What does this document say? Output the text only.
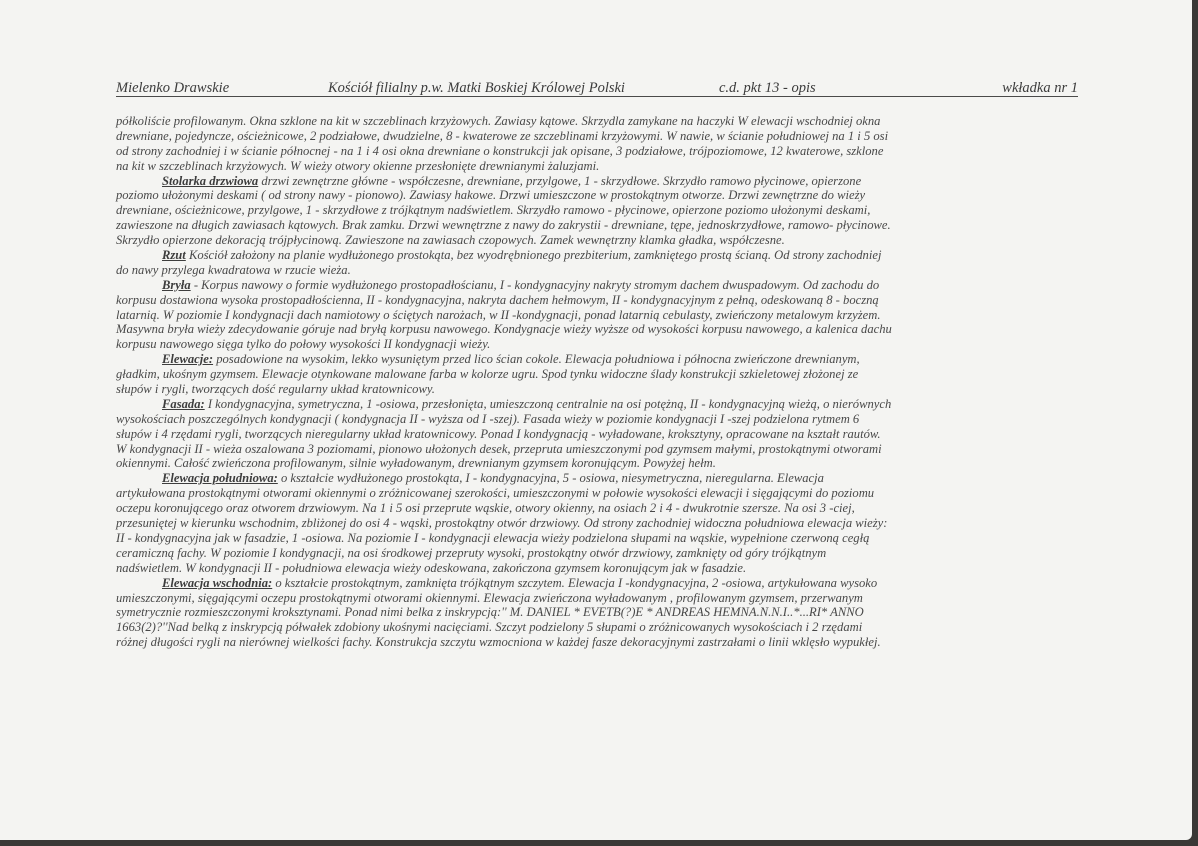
Mielenko Drawskie	Kościół filialny p.w. Matki Boskiej Królowej Polski	c.d. pkt 13 - opis	wkładka nr 1
półkoliście profilowanym. Okna szklone na kit w szczeblinach krzyżowych. Zawiasy kątowe. Skrzydla zamykane na haczyki W elewacji wschodniej okna
drewniane, pojedyncze, ościeżnicowe, 2 podziałowe, dwudzielne, 8 - kwaterowe ze szczeblinami krzyżowymi. W nawie, w ścianie południowej na 1 i 5 osi
od strony zachodniej i w ścianie północnej - na 1 i 4 osi okna drewniane o konstrukcji jak opisane, 3 podziałowe, trójpoziomowe, 12 kwaterowe, szklone
na kit w szczeblinach krzyżowych. W wieży otwory okienne przesłonięte drewnianymi żaluzjami.
Stolarka drzwiowa drzwi zewnętrzne główne - współczesne, drewniane, przylgowe, 1 - skrzydłowe. Skrzydło ramowo płycinowe, opierzone
poziomo ułożonymi deskami ( od strony nawy - pionowo). Zawiasy hakowe. Drzwi umieszczone w prostokątnym otworze. Drzwi zewnętrzne do wieży
drewniane, ościeżnicowe, przylgowe, 1 - skrzydłowe z trójkątnym nadświetlem. Skrzydło ramowo - płycinowe, opierzone poziomo ułożonymi deskami,
zawieszone na długich zawiasach kątowych. Brak zamku. Drzwi wewnętrzne z nawy do zakrystii - drewniane, tępe, jednoskrzydłowe, ramowo- płycinowe.
Skrzydło opierzone dekoracją trójpłycinową. Zawieszone na zawiasach czopowych. Zamek wewnętrzny klamka gładka, współczesne.
Rzut Kościół założony na planie wydłużonego prostokąta, bez wyodrębnionego prezbiterium, zamkniętego prostą ścianą. Od strony zachodniej
do nawy przylega kwadratowa w rzucie wieża.
Bryła - Korpus nawowy o formie wydłużonego prostopadłościanu, I - kondygnacyjny nakryty stromym dachem dwuspadowym. Od zachodu do
korpusu dostawiona wysoka prostopadłościenna, II - kondygnacyjna, nakryta dachem hełmowym, II - kondygnacyjnym z pełną, odeskowaną 8 - boczną
latarnią. W poziomie I kondygnacji dach namiotowy o ściętych narożach, w II -kondygnacji, ponad latarnią cebulasty, zwieńczony metalowym krzyżem.
Masywna bryła wieży zdecydowanie góruje nad bryłą korpusu nawowego. Kondygnacje wieży wyższe od wysokości korpusu nawowego, a kalenica dachu
korpusu nawowego sięga tylko do połowy wysokości II kondygnacji wieży.
Elewacje: posadowione na wysokim, lekko wysuniętym przed lico ścian cokole. Elewacja południowa i północna zwieńczone drewnianym,
gładkim, ukośnym gzymsem. Elewacje otynkowane malowane farba w kolorze ugru. Spod tynku widoczne ślady konstrukcji szkieletowej złożonej ze
słupów i rygli, tworzących dość regularny układ kratownicowy.
Fasada: I kondygnacyjna, symetryczna, 1 -osiowa, przesłonięta, umieszczoną centralnie na osi potężną, II - kondygnacyjną wieżą, o nierównych
wysokościach poszczególnych kondygnacji ( kondygnacja II - wyższa od I -szej). Fasada wieży w poziomie kondygnacji I -szej podzielona rytmem 6
słupów i 4 rzędami rygli, tworzących nieregularny układ kratownicowy. Ponad I kondygnacją - wyładowane, kroksztyny, opracowane na kształt rautów.
W kondygnacji II - wieża oszalowana 3 poziomami, pionowo ułożonych desek, przepruta umieszczonymi pod gzymsem małymi, prostokątnymi otworami
okiennymi. Całość zwieńczona profilowanym, silnie wyładowanym, drewnianym gzymsem koronującym. Powyżej hełm.
Elewacja południowa: o kształcie wydłużonego prostokąta, I - kondygnacyjna, 5 - osiowa, niesymetryczna, nieregularna. Elewacja
artykułowana prostokątnymi otworami okiennymi o zróżnicowanej szerokości, umieszczonymi w połowie wysokości elewacji i sięgającymi do poziomu
oczepu koronującego oraz otworem drzwiowym. Na 1 i 5 osi przeprute wąskie, otwory okienny, na osiach 2 i 4 - dwukrotnie szersze. Na osi 3 -ciej,
przesuniętej w kierunku wschodnim, zbliżonej do osi 4 - wąski, prostokątny otwór drzwiowy. Od strony zachodniej widoczna południowa elewacja wieży:
II - kondygnacyjna jak w fasadzie, 1 -osiowa. Na poziomie I - kondygnacji elewacja wieży podzielona słupami na wąskie, wypełnione czerwoną cegłą
ceramiczną fachy. W poziomie I kondygnacji, na osi środkowej przepruty wysoki, prostokątny otwór drzwiowy, zamknięty od góry trójkątnym
nadświetlem. W kondygnacji II - południowa elewacja wieży odeskowana, zakończona gzymsem koronującym jak w fasadzie.
Elewacja wschodnia: o kształcie prostokątnym, zamknięta trójkątnym szczytem. Elewacja I -kondygnacyjna, 2 -osiowa, artykułowana wysoko
umieszczonymi, sięgającymi oczepu prostokątnymi otworami okiennymi. Elewacja zwieńczona wyładowanym , profilowanym gzymsem, przerwanym
symetrycznie rozmieszczonymi kroksztynami. Ponad nimi belka z inskrypcją:'' M. DANIEL * EVETB(?)E * ANDREAS HEMNA.N.N.I..*...RI* ANNO
1663(2)?''Nad belką z inskrypcją półwałek zdobiony ukośnymi nacięciami. Szczyt podzielony 5 słupami o zróżnicowanych wysokościach i 2 rzędami
różnej długości rygli na nierównej wielkości fachy. Konstrukcja szczytu wzmocniona w każdej fasze dekoracyjnymi zastrzałami o linii wklęsło wypukłej.
